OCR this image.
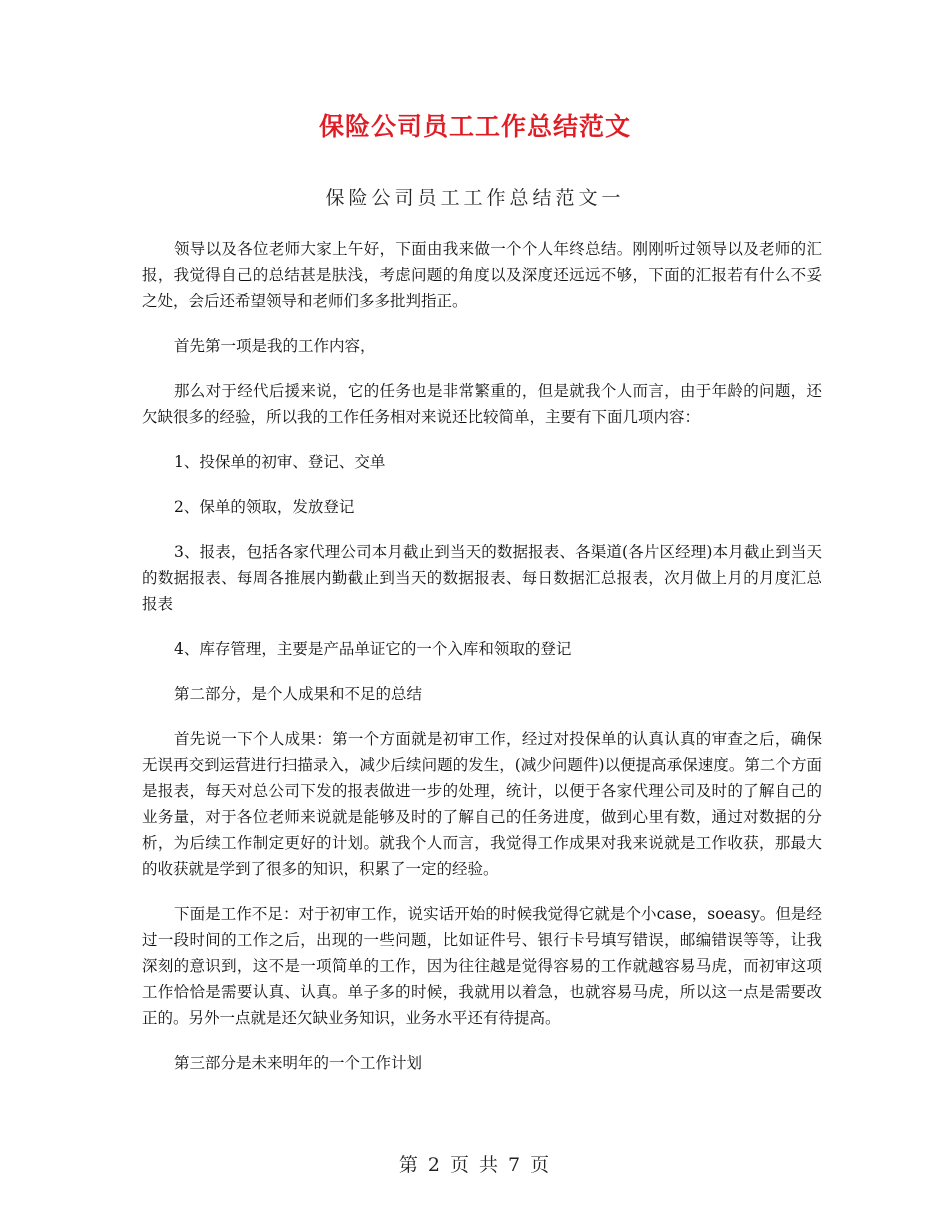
保险公司员工工作总结范文
保险公司员工工作总结范文一

领导以及各位老师大家上午好，下面由我来做一个个人年终总结。刚刚听过领导以及老师的汇报，我觉得自己的总结甚是肤浅，考虑问题的角度以及深度还远远不够，下面的汇报若有什么不妥之处，会后还希望领导和老师们多多批判指正。

首先第一项是我的工作内容，

那么对于经代后援来说，它的任务也是非常繁重的，但是就我个人而言，由于年龄的问题，还欠缺很多的经验，所以我的工作任务相对来说还比较简单，主要有下面几项内容：

1、投保单的初审、登记、交单

2、保单的领取，发放登记

3、报表，包括各家代理公司本月截止到当天的数据报表、各渠道(各片区经理)本月截止到当天的数据报表、每周各推展内勤截止到当天的数据报表、每日数据汇总报表，次月做上月的月度汇总报表

4、库存管理，主要是产品单证它的一个入库和领取的登记

第二部分，是个人成果和不足的总结

首先说一下个人成果：第一个方面就是初审工作，经过对投保单的认真认真的审查之后，确保无误再交到运营进行扫描录入，减少后续问题的发生，(减少问题件)以便提高承保速度。第二个方面是报表，每天对总公司下发的报表做进一步的处理，统计，以便于各家代理公司及时的了解自己的业务量，对于各位老师来说就是能够及时的了解自己的任务进度，做到心里有数，通过对数据的分析，为后续工作制定更好的计划。就我个人而言，我觉得工作成果对我来说就是工作收获，那最大的收获就是学到了很多的知识，积累了一定的经验。

下面是工作不足：对于初审工作，说实话开始的时候我觉得它就是个小case，soeasy。但是经过一段时间的工作之后，出现的一些问题，比如证件号、银行卡号填写错误，邮编错误等等，让我深刻的意识到，这不是一项简单的工作，因为往往越是觉得容易的工作就越容易马虎，而初审这项工作恰恰是需要认真、认真。单子多的时候，我就用以着急，也就容易马虎，所以这一点是需要改正的。另外一点就是还欠缺业务知识，业务水平还有待提高。

第三部分是未来明年的一个工作计划

第 2 页 共 7 页
